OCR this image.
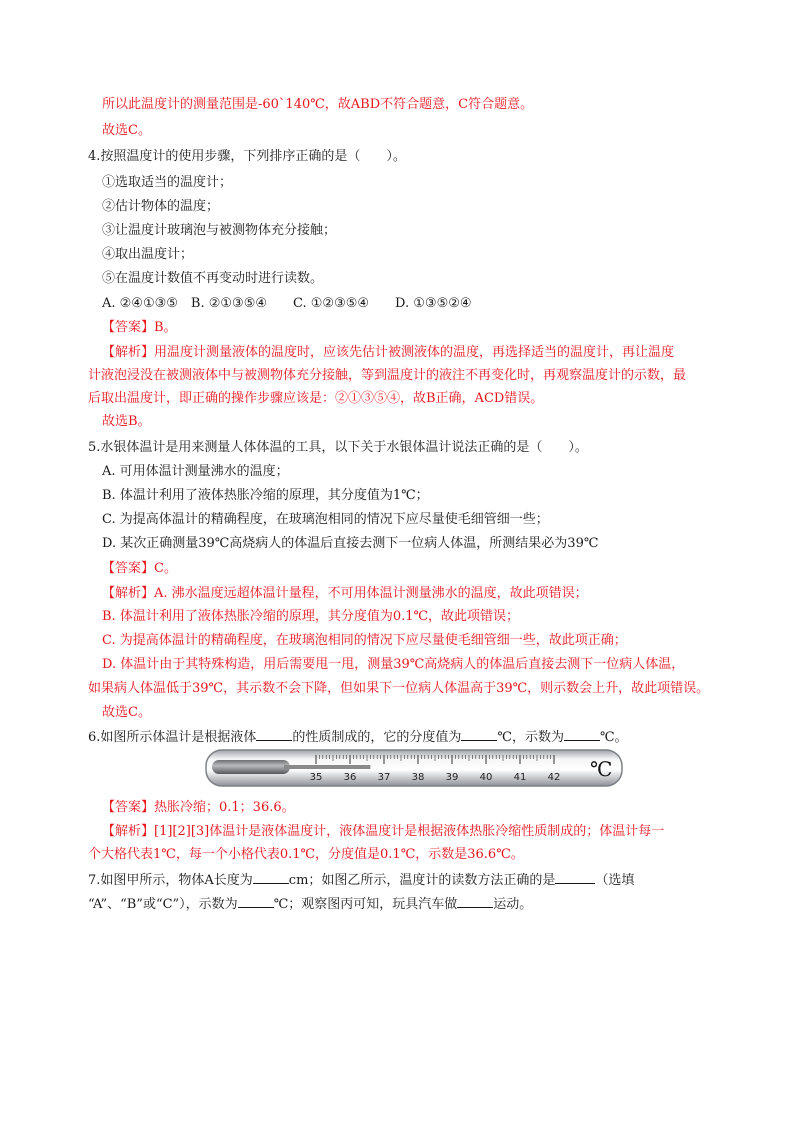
所以此温度计的测量范围是-60`140℃，故ABD不符合题意，C符合题意。
故选C。
4.按照温度计的使用步骤，下列排序正确的是（　　）。
①选取适当的温度计；
②估计物体的温度；
③让温度计玻璃泡与被测物体充分接触；
④取出温度计；
⑤在温度计数值不再变动时进行读数。
A. ②④①③⑤　B. ②①③⑤④　　C. ①②③⑤④　　D. ①③⑤②④
【答案】B。
【解析】用温度计测量液体的温度时，应该先估计被测液体的温度，再选择适当的温度计，再让温度
计液泡浸没在被测液体中与被测物体充分接触，等到温度计的液注不再变化时，再观察温度计的示数，最
后取出温度计，即正确的操作步骤应该是：②①③⑤④，故B正确，ACD错误。
故选B。
5.水银体温计是用来测量人体体温的工具，以下关于水银体温计说法正确的是（　　）。
A. 可用体温计测量沸水的温度；
B. 体温计利用了液体热胀冷缩的原理，其分度值为1℃；
C. 为提高体温计的精确程度，在玻璃泡相同的情况下应尽量使毛细管细一些；
D. 某次正确测量39℃高烧病人的体温后直接去测下一位病人体温，所测结果必为39℃
【答案】C。
【解析】A. 沸水温度远超体温计量程，不可用体温计测量沸水的温度，故此项错误；
B. 体温计利用了液体热胀冷缩的原理，其分度值为0.1℃，故此项错误；
C. 为提高体温计的精确程度，在玻璃泡相同的情况下应尽量使毛细管细一些，故此项正确；
D. 体温计由于其特殊构造，用后需要甩一甩，测量39℃高烧病人的体温后直接去测下一位病人体温，
如果病人体温低于39℃，其示数不会下降，但如果下一位病人体温高于39℃，则示数会上升，故此项错误。
故选C。
6.如图所示体温计是根据液体	的性质制成的，它的分度值为	℃，示数为	℃。
35 36 37 38 39 40 41 42 ℃
【答案】热胀冷缩；0.1；36.6。
【解析】[1][2][3]体温计是液体温度计，液体温度计是根据液体热胀冷缩性质制成的；体温计每一
个大格代表1℃，每一个小格代表0.1℃，分度值是0.1℃，示数是36.6℃。
7.如图甲所示，物体A长度为	cm；如图乙所示，温度计的读数方法正确的是	（选填
“A”、“B”或“C”），示数为	℃；观察图丙可知，玩具汽车做	运动。
